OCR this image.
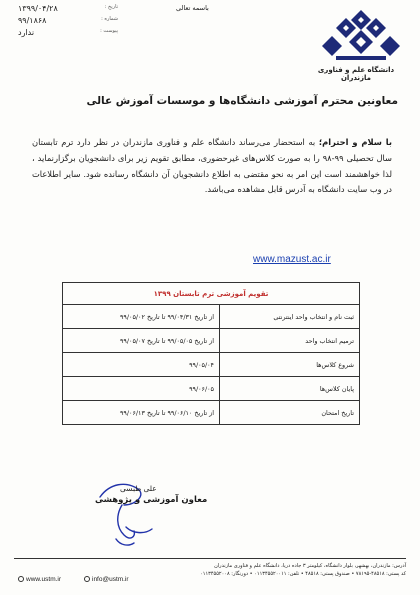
دانشگاه علم و فناوری مازندران
باسمه تعالی
تاریخ :
۱۳۹۹/۰۴/۲۸
شماره :
۹۹/۱۸۶۸
پیوست :
ندارد
معاونین محترم آموزشی دانشگاه‌ها و موسسات آموزش عالی
با سلام و احترام؛ به استحضار می‌رساند دانشگاه علم و فناوری مازندران در نظر دارد ترم تابستان سال تحصیلی ۹۹-۹۸ را به صورت کلاس‌های غیرحضوری، مطابق تقویم زیر برای دانشجویان برگزارنماید ، لذا خواهشمند است این امر به نحو مقتضی به اطلاع دانشجویان آن دانشگاه رسانده شود. سایر اطلاعات در وب سایت دانشگاه به آدرس قابل مشاهده می‌باشد.
www.mazust.ac.ir
تقویم آموزشی ترم تابستان ۱۳۹۹	
ثبت نام و انتخاب واحد اینترنتی	از تاریخ ۹۹/۰۴/۳۱ تا تاریخ ۹۹/۰۵/۰۲
ترمیم انتخاب واحد	از تاریخ ۹۹/۰۵/۰۵ تا تاریخ ۹۹/۰۵/۰۷
شروع کلاس‌ها	۹۹/۰۵/۰۴
پایان کلاس‌ها	۹۹/۰۶/۰۵
تاریخ امتحان	از تاریخ ۹۹/۰۶/۱۰ تا تاریخ ۹۹/۰۶/۱۳
علی طبسی
معاون آموزشی و پژوهشی
آدرس: مازندران، بهشهر، بلوار دانشگاه، کیلومتر ۳ جاده دریا، دانشگاه علم و فناوری مازندران
کد پستی: ۴۸۵۱۸-۷۸۱۹۵ • صندوق پستی: ۴۸۵۱۸ • تلفن: ۰۱۱۳۴۵۵۲۰۰۱۱ • دورنگار: ۰۱۱۳۴۵۵۲۰۰۸
www.ustm.ir	info@ustm.ir
